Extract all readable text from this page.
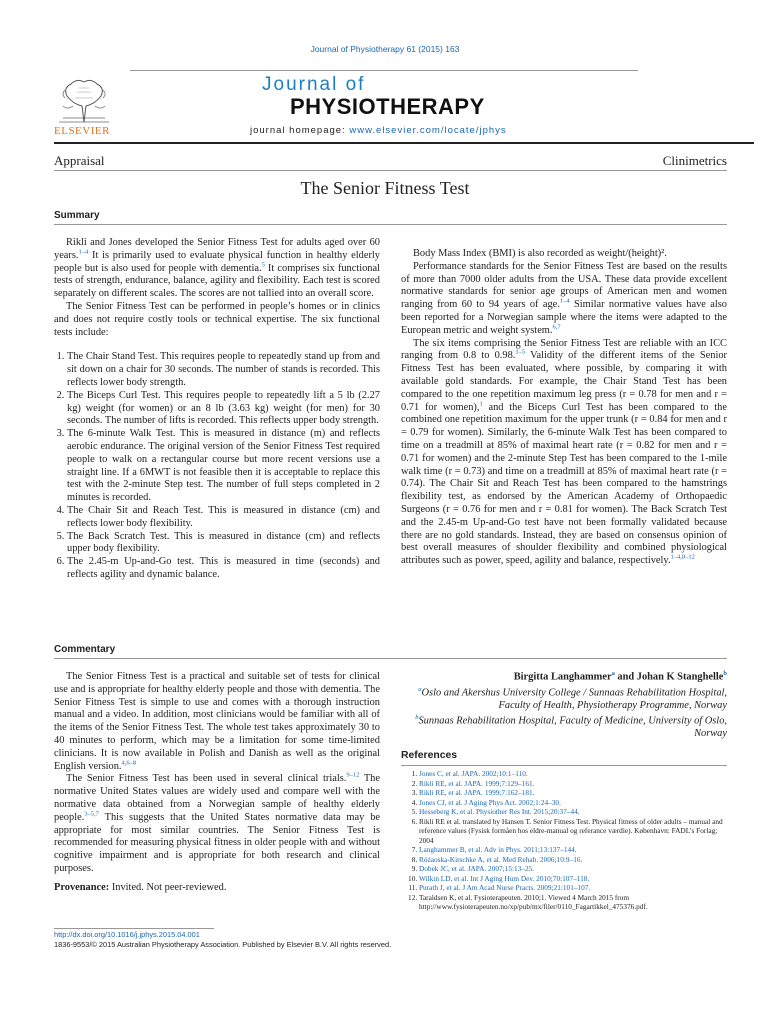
Journal of Physiotherapy 61 (2015) 163
ELSEVIER
Journal of
PHYSIOTHERAPY
journal homepage: www.elsevier.com/locate/jphys
Appraisal	Clinimetrics
The Senior Fitness Test
Summary

Rikli and Jones developed the Senior Fitness Test for adults aged over 60 years.$^{1-4}$ It is primarily used to evaluate physical function in healthy elderly people but is also used for people with dementia.$^5$ It comprises six functional tests of strength, endurance, balance, agility and flexibility. Each test is scored separately on different scales. The scores are not tallied into an overall score.

The Senior Fitness Test can be performed in people’s homes or in clinics and does not require costly tools or technical expertise. The six functional tests include:

1. The Chair Stand Test. This requires people to repeatedly stand up from and sit down on a chair for 30 seconds. The number of stands is recorded. This reflects lower body strength.
2. The Biceps Curl Test. This requires people to repeatedly lift a 5 lb (2.27 kg) weight (for women) or an 8 lb (3.63 kg) weight (for men) for 30 seconds. The number of lifts is recorded. This reflects upper body strength.
3. The 6-minute Walk Test. This is measured in distance (m) and reflects aerobic endurance. The original version of the Senior Fitness Test required people to walk on a rectangular course but more recent versions use a straight line. If a 6MWT is not feasible then it is acceptable to replace this test with the 2-minute Step test. The number of full steps completed in 2 minutes is recorded.
4. The Chair Sit and Reach Test. This is measured in distance (cm) and reflects lower body flexibility.
5. The Back Scratch Test. This is measured in distance (cm) and reflects upper body flexibility.
6. The 2.45-m Up-and-Go test. This is measured in time (seconds) and reflects agility and dynamic balance.

Body Mass Index (BMI) is also recorded as weight/(height)².

Performance standards for the Senior Fitness Test are based on the results of more than 7000 older adults from the USA. These data provide excellent normative standards for senior age groups of American men and women ranging from 60 to 94 years of age.$^{1-4}$ Similar normative values have also been reported for a Norwegian sample where the items were adapted to the European metric and weight system.$^{6,7}$

The six items comprising the Senior Fitness Test are reliable with an ICC ranging from 0.8 to 0.98.$^{1-5}$ Validity of the different items of the Senior Fitness Test has been evaluated, where possible, by comparing it with available gold standards. For example, the Chair Stand Test has been compared to the one repetition maximum leg press (r = 0.78 for men and r = 0.71 for women),$^1$ and the Biceps Curl Test has been compared to the combined one repetition maximum for the upper trunk (r = 0.84 for men and r = 0.79 for women). Similarly, the 6-minute Walk Test has been compared to time on a treadmill at 85% of maximal heart rate (r = 0.82 for men and r = 0.71 for women) and the 2-minute Step Test has been compared to the 1-mile walk time (r = 0.73) and time on a treadmill at 85% of maximal heart rate (r = 0.74). The Chair Sit and Reach Test has been compared to the hamstrings flexibility test, as endorsed by the American Academy of Orthopaedic Surgeons (r = 0.76 for men and r = 0.81 for women). The Back Scratch Test and the 2.45-m Up-and-Go test have not been formally validated because there are no gold standards. Instead, they are based on consensus opinion of best overall measures of shoulder flexibility and combined physiological attributes such as power, speed, agility and balance, respectively.$^{1-4,8-12}$

Commentary

The Senior Fitness Test is a practical and suitable set of tests for clinical use and is appropriate for healthy elderly people and those with dementia. The Senior Fitness Test is simple to use and comes with a thorough instruction manual and a video. In addition, most clinicians would be familiar with all of the items of the Senior Fitness Test. The whole test takes approximately 30 to 40 minutes to perform, which may be a limitation for some time-limited clinicians. It is now available in Polish and Danish as well as the original English version.$^{4,6-8}$

The Senior Fitness Test has been used in several clinical trials.$^{9-12}$ The normative United States values are widely used and compare well with the normative data obtained from a Norwegian sample of healthy elderly people.$^{3-5,7}$ This suggests that the United States normative data may be appropriate for most similar countries. The Senior Fitness Test is recommended for measuring physical fitness in older people with and without cognitive impairment and is appropriate for both research and clinical purposes.

Provenance: Invited. Not peer-reviewed.

Birgitta Langhammer$^a$ and Johan K Stanghelle$^b$
$^a$Oslo and Akershus University College / Sunnaas Rehabilitation Hospital, Faculty of Health, Physiotherapy Programme, Norway
$^b$Sunnaas Rehabilitation Hospital, Faculty of Medicine, University of Oslo, Norway
References
1. Jones C, et al. JAPA. 2002;10:1–110.
2. Rikli RE, et al. JAPA. 1999;7:129–161.
3. Rikli RE, et al. JAPA. 1999;7:162–181.
4. Jones CJ, et al. J Aging Phys Act. 2002;1:24–30.
5. Hesseberg K, et al. Physiother Res Int. 2015;20:37–44.
6. Rikli RE et al. translated by Hansen T. Senior Fitness Test. Physical fitness of older adults – manual and reference values (Fysisk formåen hos eldre-manual og referance værdie). København: FADL’s Forlag; 2004
7. Langhammer B, et al. Adv in Phys. 2011;13:137–144.
8. Różaoska-Kirschke A, et al. Med Rehab. 2006;10:9–16.
9. Dobek JC, et al. JAPA. 2007;15:13–25.
10. Wilkin LD, et al. Int J Aging Hum Dev. 2010;70:107–118.
11. Purath J, et al. J Am Acad Nurse Practs. 2009;21:101–107.
12. Taraldsen K, et al. Fysioterapeuten. 2010;1. Viewed 4 March 2015 from http://www.fysioterapeuten.no/xp/pub/mx/filer/0110_Fagartikkel_475376.pdf.
http://dx.doi.org/10.1016/j.jphys.2015.04.001
1836-9553/© 2015 Australian Physiotherapy Association. Published by Elsevier B.V. All rights reserved.
